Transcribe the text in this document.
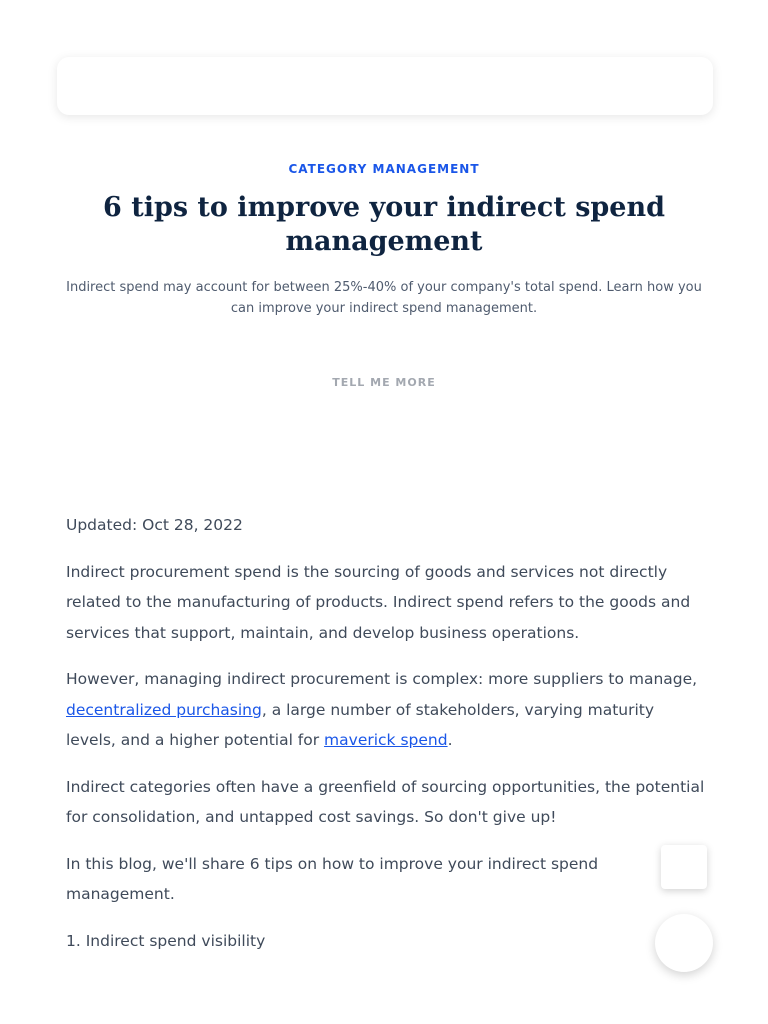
CATEGORY MANAGEMENT
6 tips to improve your indirect spend management

Indirect spend may account for between 25%-40% of your company's total spend. Learn how you can improve your indirect spend management.

TELL ME MORE

Updated: Oct 28, 2022

Indirect procurement spend is the sourcing of goods and services not directly related to the manufacturing of products. Indirect spend refers to the goods and services that support, maintain, and develop business operations.

However, managing indirect procurement is complex: more suppliers to manage, decentralized purchasing, a large number of stakeholders, varying maturity levels, and a higher potential for maverick spend.

Indirect categories often have a greenfield of sourcing opportunities, the potential for consolidation, and untapped cost savings. So don't give up!

In this blog, we'll share 6 tips on how to improve your indirect spend management.

1. Indirect spend visibility
